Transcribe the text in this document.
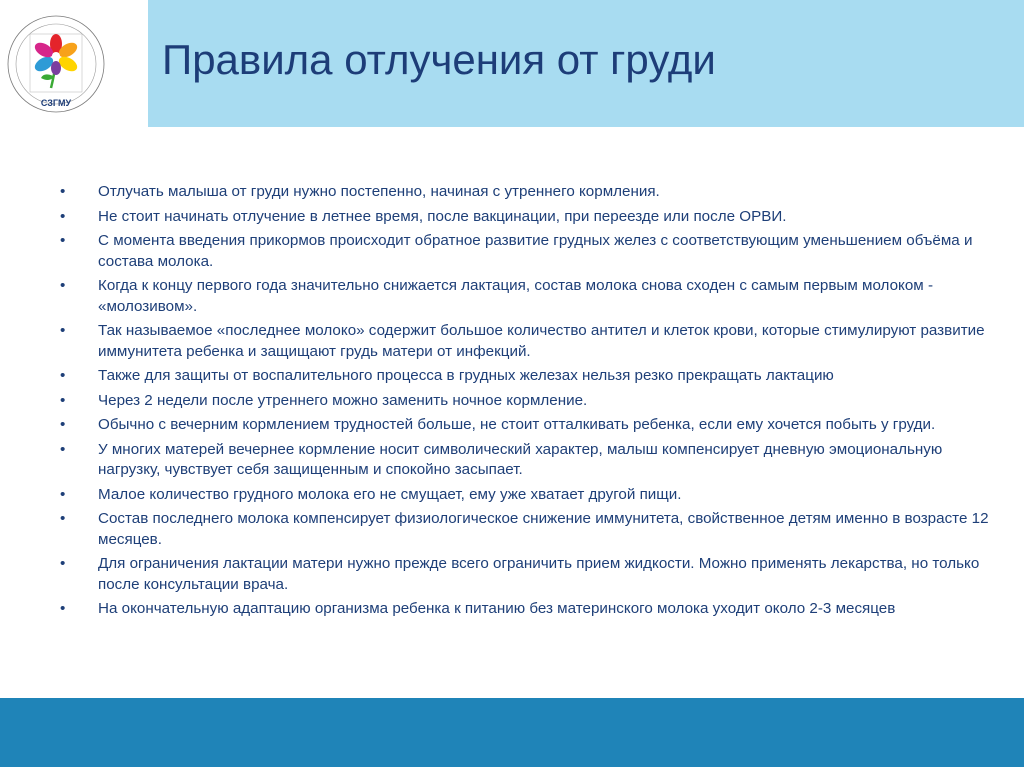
СЗГМУ
Правила отлучения от груди
•	Отлучать малыша от груди нужно постепенно, начиная с утреннего кормления.
•	Не стоит начинать отлучение в летнее время, после вакцинации, при переезде или после ОРВИ.
•	С момента введения прикормов происходит обратное развитие грудных желез с соответствующим уменьшением объёма и состава молока.
•	Когда к концу первого года значительно снижается лактация, состав молока снова сходен с самым первым молоком - «молозивом».
•	Так называемое «последнее молоко» содержит большое количество антител и клеток крови, которые стимулируют развитие иммунитета ребенка и защищают грудь матери от инфекций.
•	Также для защиты от воспалительного процесса в грудных железах нельзя резко прекращать лактацию
•	Через 2 недели после утреннего можно заменить ночное кормление.
•	Обычно с вечерним кормлением трудностей больше, не стоит отталкивать ребенка, если ему хочется побыть у груди.
•	У многих матерей вечернее кормление носит символический характер, малыш компенсирует дневную эмоциональную нагрузку, чувствует себя защищенным и спокойно засыпает.
•	Малое количество грудного молока его не смущает, ему уже хватает другой пищи.
•	Состав последнего молока компенсирует физиологическое снижение иммунитета, свойственное детям именно в возрасте 12 месяцев.
•	Для ограничения лактации матери нужно прежде всего ограничить прием жидкости. Можно применять лекарства, но только после консультации врача.
•	На окончательную адаптацию организма ребенка к питанию без материнского молока уходит около 2-3 месяцев
